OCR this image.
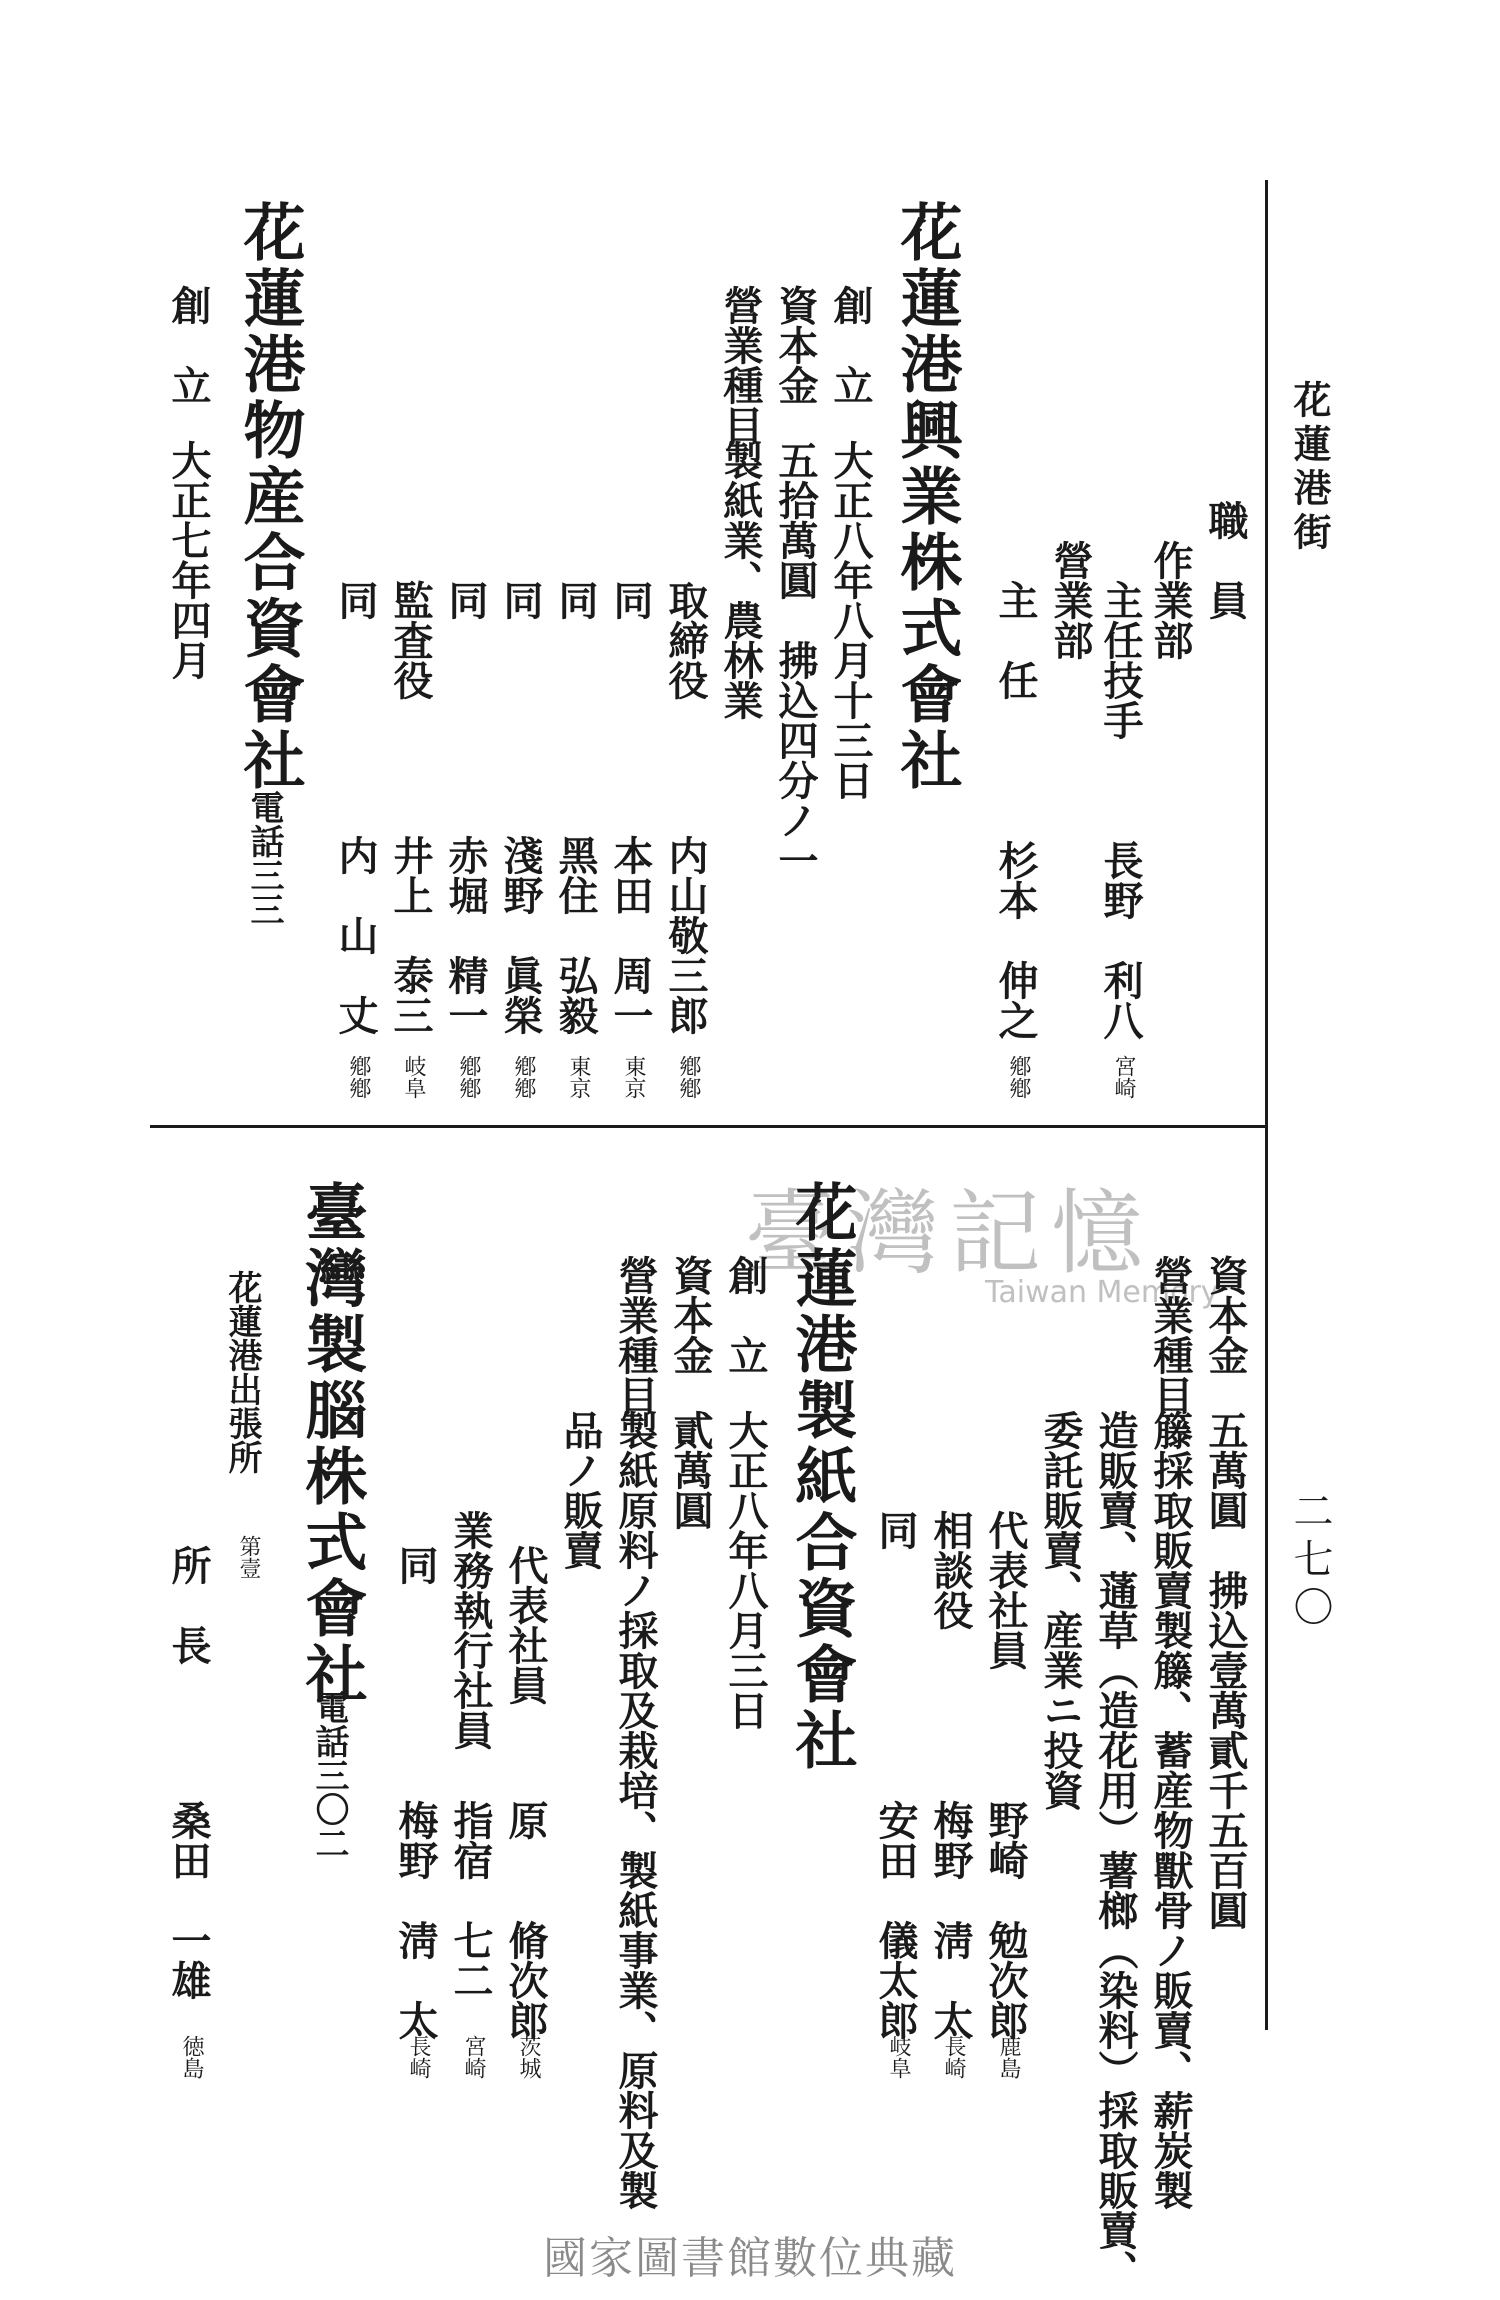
花蓮港街
二七〇
職　員
作業部
主任技手
長野　利八
宮崎
營業部
主　任
杉本　伸之
鄕鄕
花蓮港興業株式會社
創　立
大正八年八月十三日
資本金
五拾萬圓　拂込四分ノ一
營業種目
製紙業、農林業
取締役
内山敬三郎
鄕鄕
同
本田　周一
東京
同
黑住　弘毅
東京
同
淺野　眞榮
鄕鄕
同
赤堀　精一
鄕鄕
監査役
井上　泰三
岐阜
同
内　山　丈
鄕鄕
花蓮港物産合資會社
電話三三
創　立
大正七年四月
臺灣記憶
Taiwan Memory
資本金
五萬圓　拂込壹萬貳千五百圓
營業種目
籐採取販賣製籐、蓄産物獸骨ノ販賣、薪炭製
造販賣、蓪草（造花用）薯榔（染料）採取販賣、
委託販賣、産業ニ投資
代表社員
野崎　勉次郎
鹿島
相談役
梅野　淸　太
長崎
同
安田　儀太郎
岐阜
花蓮港製紙合資會社
創　立
大正八年八月三日
資本金
貳萬圓
營業種目
製紙原料ノ採取及栽培、製紙事業、原料及製
品ノ販賣
代表社員
原　　脩次郎
茨城
業務執行社員
指宿　七二
宮崎
同
梅野　淸　太
長崎
臺灣製腦株式會社
電話三〇二
花蓮港出張所
第壹
所　長
桑田　一雄
徳島
國家圖書館數位典藏
